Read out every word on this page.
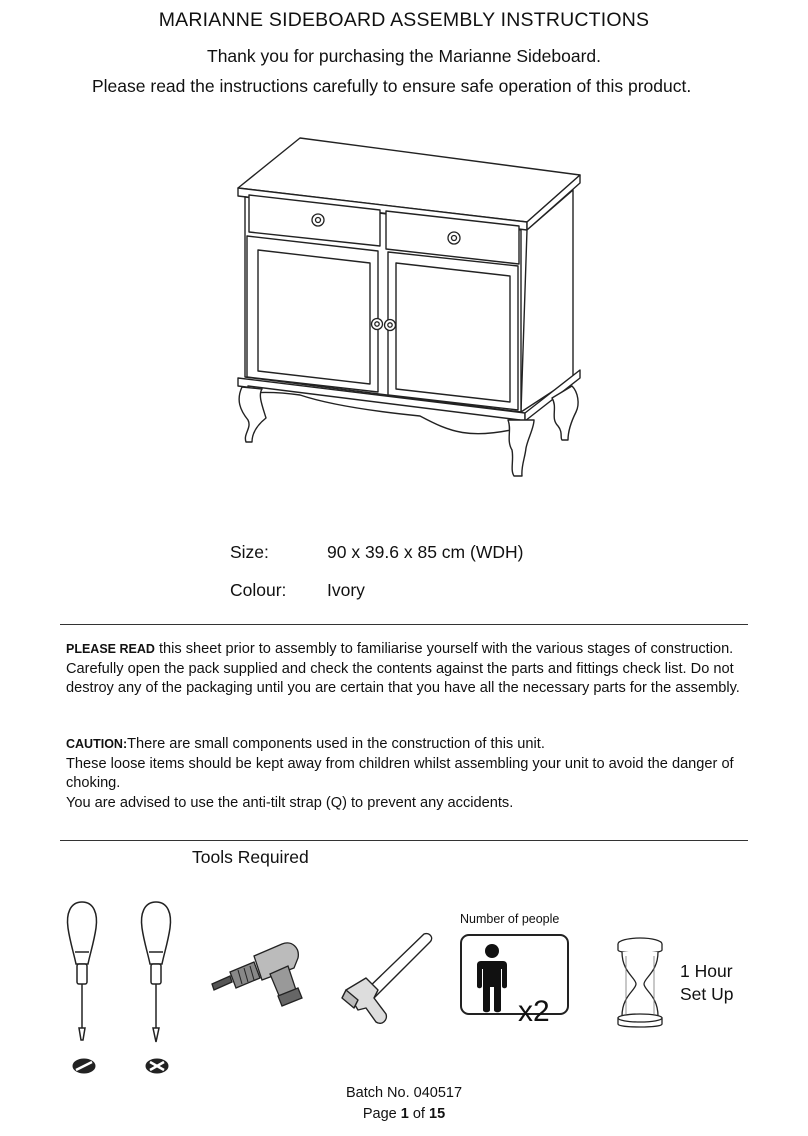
MARIANNE SIDEBOARD ASSEMBLY INSTRUCTIONS
Thank you for purchasing the Marianne Sideboard.
Please read the instructions carefully to ensure safe operation of this product.
Size:	90 x 39.6 x 85 cm (WDH)
Colour: Ivory
PLEASE READ this sheet prior to assembly to familiarise yourself with the various stages of construction. Carefully open the pack supplied and check the contents against the parts and fittings check list. Do not destroy any of the packaging until you are certain that you have all the necessary parts for the assembly.
CAUTION:There are small components used in the construction of this unit.
These loose items should be kept away from children whilst assembling your unit to avoid the danger of choking.
You are advised to use the anti-tilt strap (Q) to prevent any accidents.
Tools Required
Number of people
x2
1 Hour
Set Up
Batch No. 040517
Page 1 of 15
